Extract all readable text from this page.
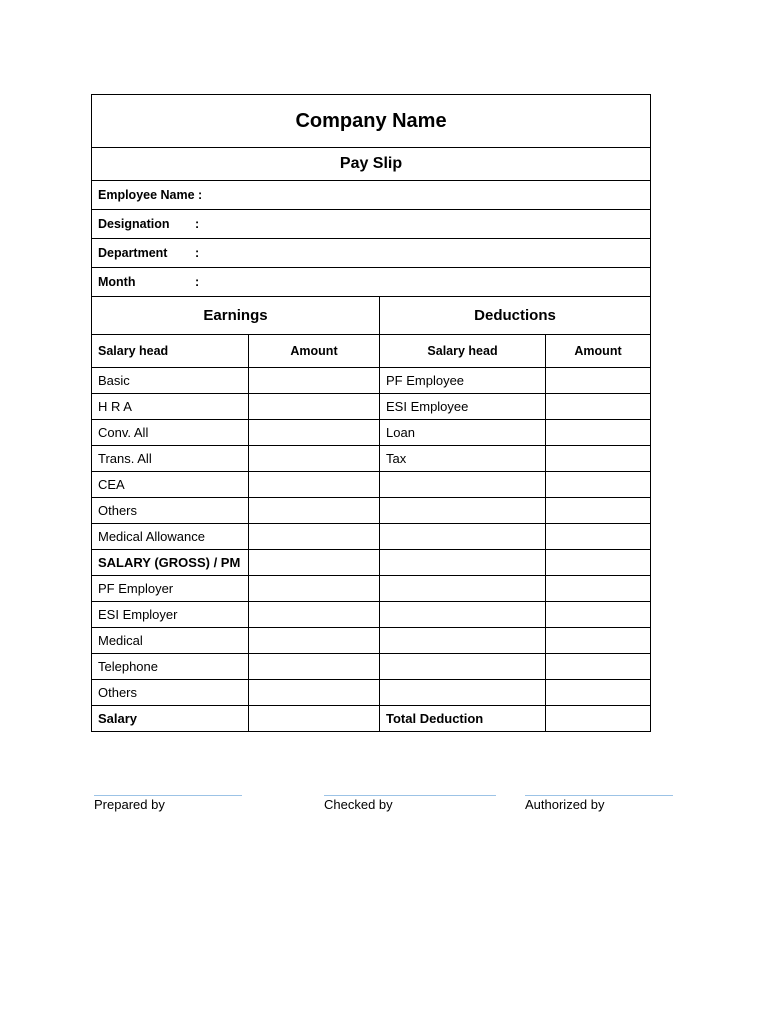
Company Name			
Pay Slip			
Employee Name :			
Designation :			
Department :			
Month :			
Earnings		Deductions	
Salary head	Amount	Salary head	Amount
Basic		PF Employee	
H R A		ESI Employee	
Conv. All		Loan	
Trans. All		Tax	
CEA			
Others			
Medical Allowance			
SALARY (GROSS) / PM			
PF Employer			
ESI Employer			
Medical			
Telephone			
Others			
Salary		Total Deduction	
Prepared by	Checked by	Authorized by
